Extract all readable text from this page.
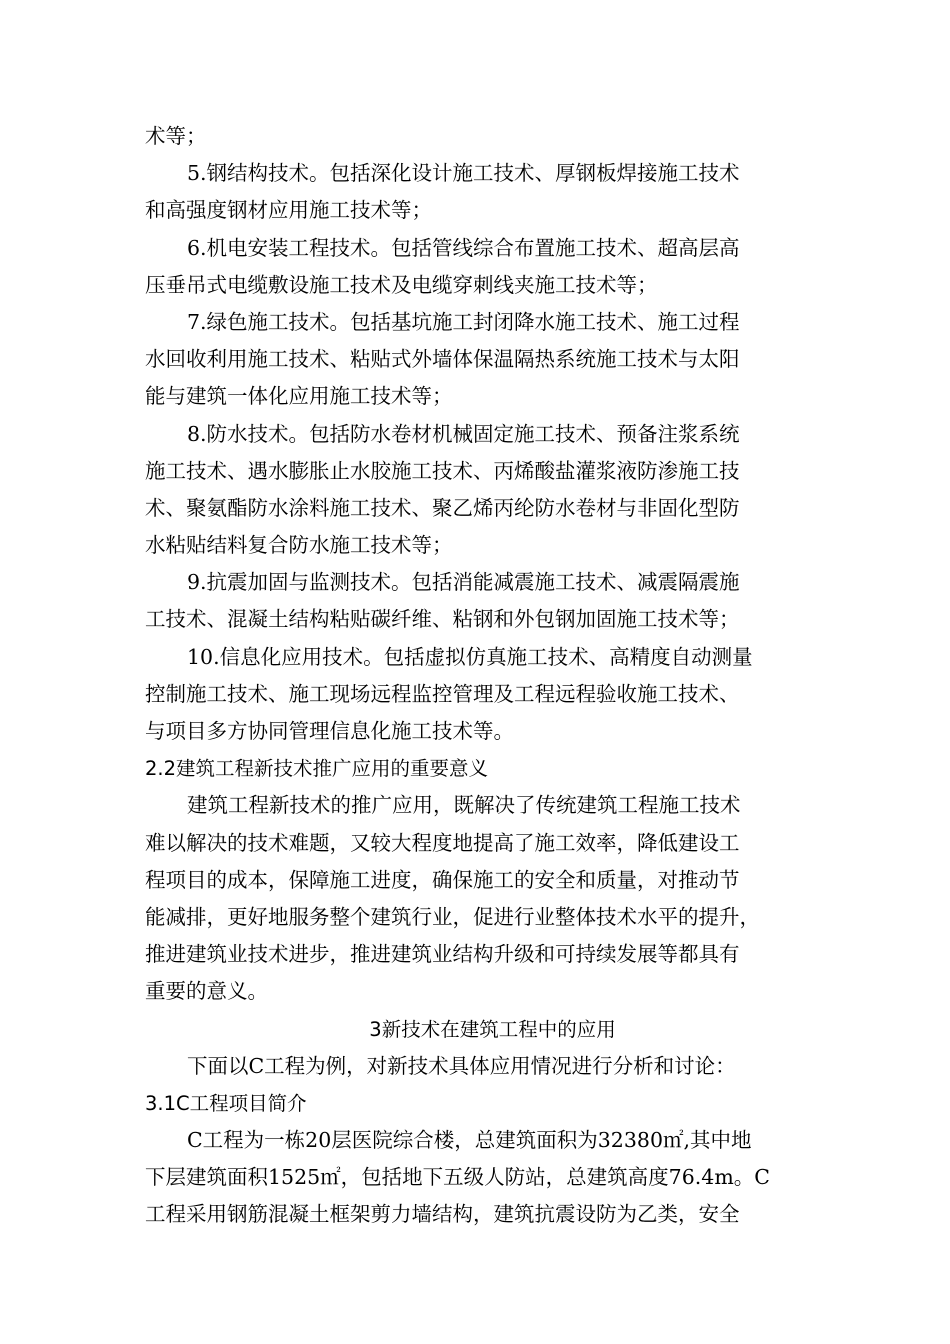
术等；
5.钢结构技术。包括深化设计施工技术、厚钢板焊接施工技术
和高强度钢材应用施工技术等；
6.机电安装工程技术。包括管线综合布置施工技术、超高层高
压垂吊式电缆敷设施工技术及电缆穿刺线夹施工技术等；
7.绿色施工技术。包括基坑施工封闭降水施工技术、施工过程
水回收利用施工技术、粘贴式外墙体保温隔热系统施工技术与太阳
能与建筑一体化应用施工技术等；
8.防水技术。包括防水卷材机械固定施工技术、预备注浆系统
施工技术、遇水膨胀止水胶施工技术、丙烯酸盐灌浆液防渗施工技
术、聚氨酯防水涂料施工技术、聚乙烯丙纶防水卷材与非固化型防
水粘贴结料复合防水施工技术等；
9.抗震加固与监测技术。包括消能减震施工技术、减震隔震施
工技术、混凝土结构粘贴碳纤维、粘钢和外包钢加固施工技术等；
10.信息化应用技术。包括虚拟仿真施工技术、高精度自动测量
控制施工技术、施工现场远程监控管理及工程远程验收施工技术、
与项目多方协同管理信息化施工技术等。
2.2建筑工程新技术推广应用的重要意义
建筑工程新技术的推广应用，既解决了传统建筑工程施工技术
难以解决的技术难题，又较大程度地提高了施工效率，降低建设工
程项目的成本，保障施工进度，确保施工的安全和质量，对推动节
能减排，更好地服务整个建筑行业，促进行业整体技术水平的提升，
推进建筑业技术进步，推进建筑业结构升级和可持续发展等都具有
重要的意义。
3新技术在建筑工程中的应用
下面以C工程为例，对新技术具体应用情况进行分析和讨论：
3.1C工程项目简介
C工程为一栋20层医院综合楼，总建筑面积为32380㎡,其中地
下层建筑面积1525㎡，包括地下五级人防站，总建筑高度76.4m。C
工程采用钢筋混凝土框架剪力墙结构，建筑抗震设防为乙类，安全
